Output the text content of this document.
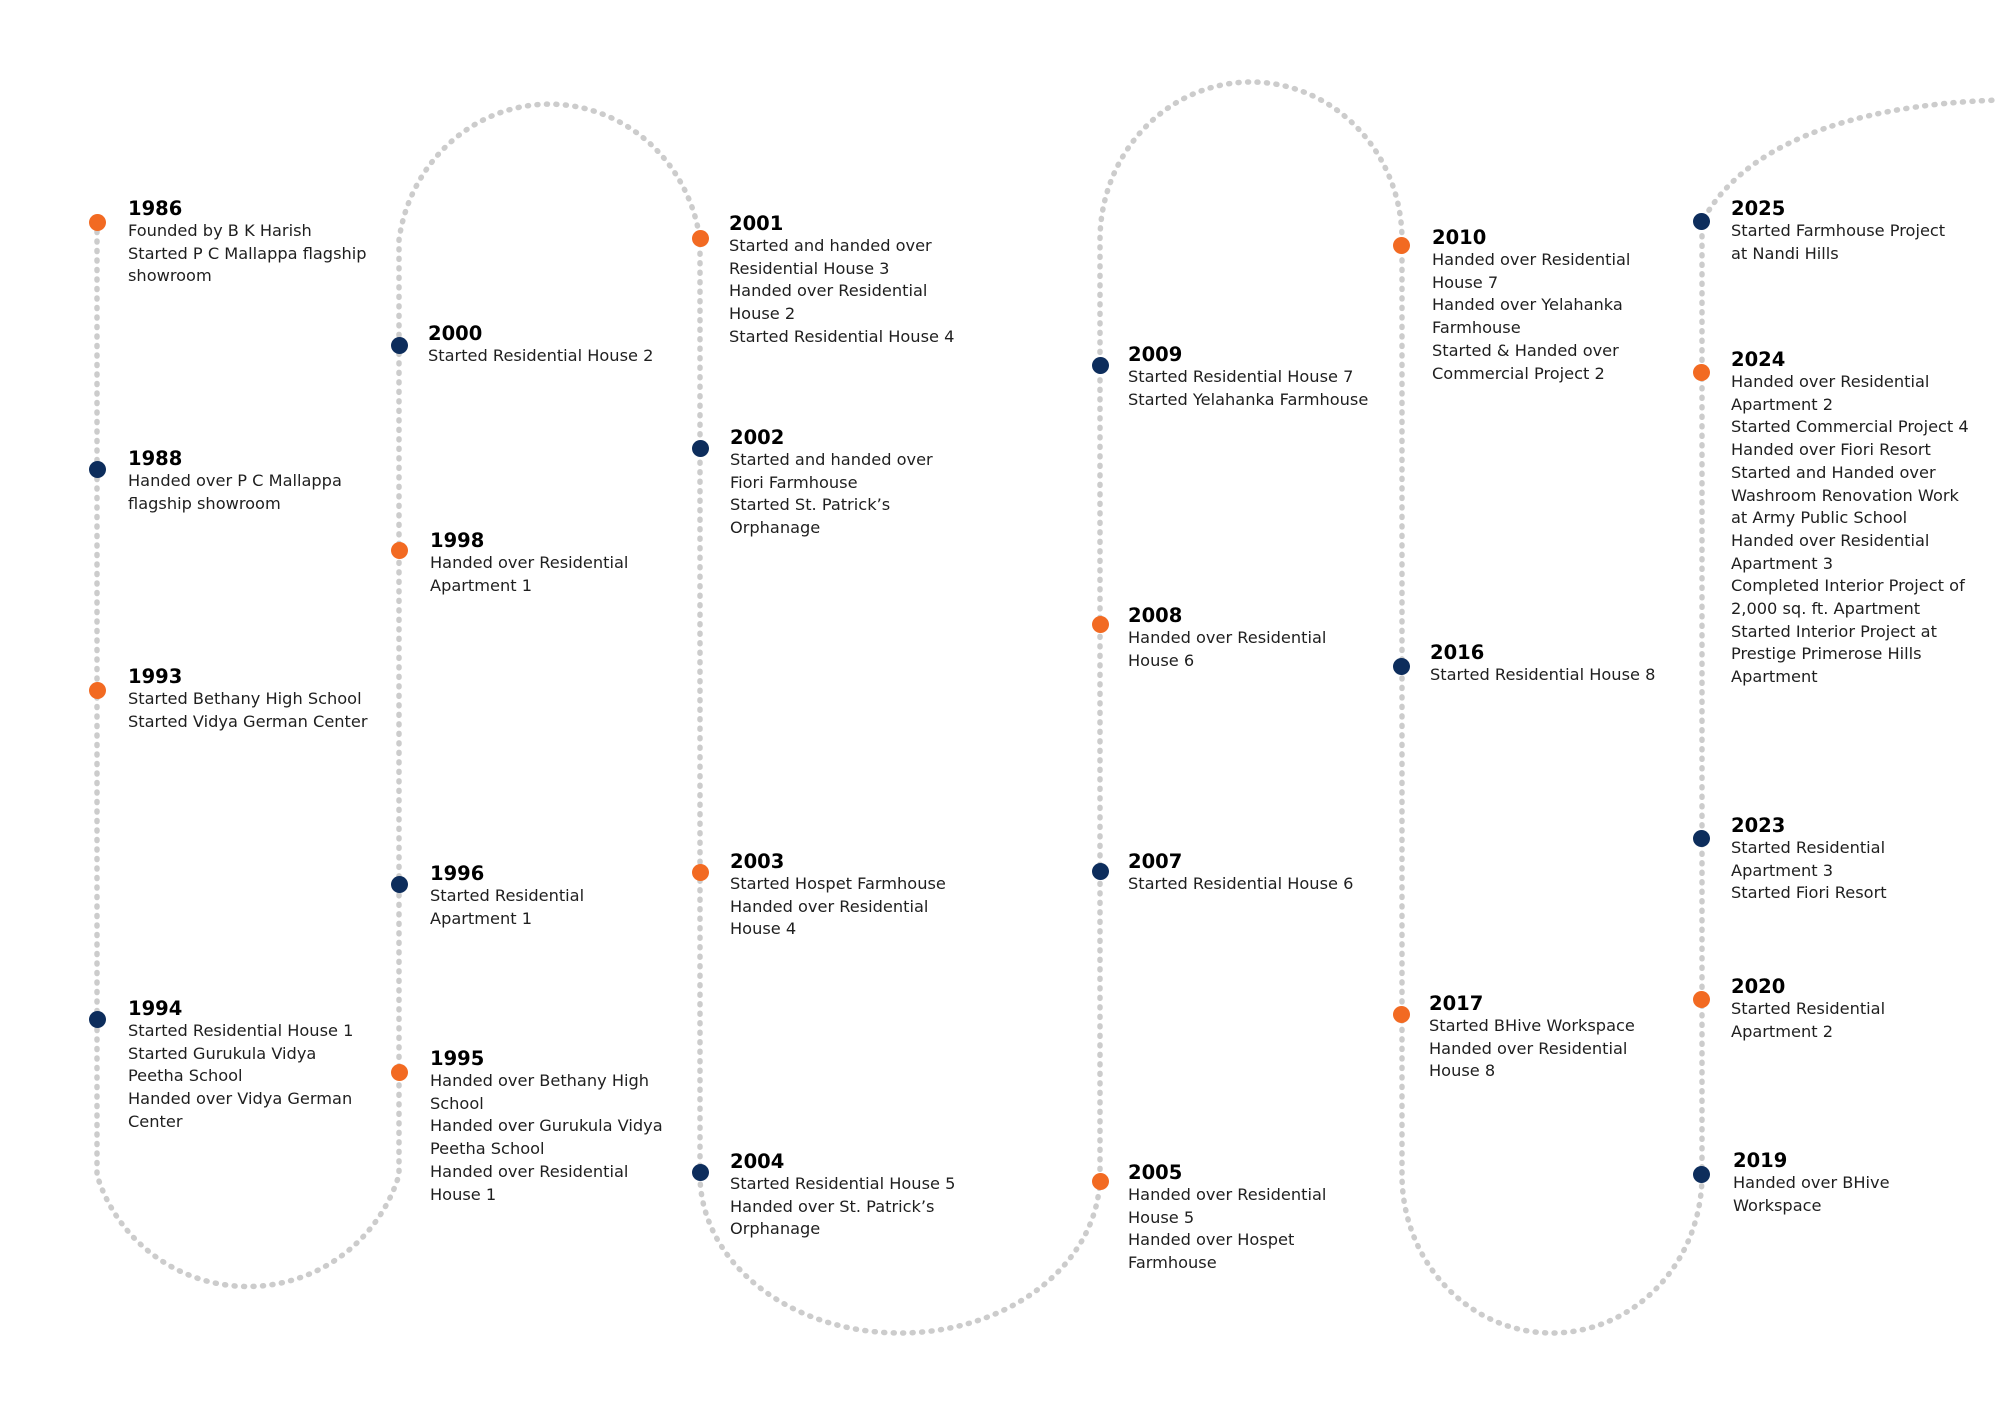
1986
Founded by B K Harish
Started P C Mallappa flagship
showroom
1988
Handed over P C Mallappa
flagship showroom
1993
Started Bethany High School
Started Vidya German Center
1994
Started Residential House 1
Started Gurukula Vidya
Peetha School
Handed over Vidya German
Center
2000
Started Residential House 2
1998
Handed over Residential
Apartment 1
1996
Started Residential
Apartment 1
1995
Handed over Bethany High
School
Handed over Gurukula Vidya
Peetha School
Handed over Residential
House 1
2001
Started and handed over
Residential House 3
Handed over Residential
House 2
Started Residential House 4
2002
Started and handed over
Fiori Farmhouse
Started St. Patrick’s
Orphanage
2003
Started Hospet Farmhouse
Handed over Residential
House 4
2004
Started Residential House 5
Handed over St. Patrick’s
Orphanage
2009
Started Residential House 7
Started Yelahanka Farmhouse
2008
Handed over Residential
House 6
2007
Started Residential House 6
2005
Handed over Residential
House 5
Handed over Hospet
Farmhouse
2010
Handed over Residential
House 7
Handed over Yelahanka
Farmhouse
Started & Handed over
Commercial Project 2
2016
Started Residential House 8
2017
Started BHive Workspace
Handed over Residential
House 8
2025
Started Farmhouse Project
at Nandi Hills
2024
Handed over Residential
Apartment 2
Started Commercial Project 4
Handed over Fiori Resort
Started and Handed over
Washroom Renovation Work
at Army Public School
Handed over Residential
Apartment 3
Completed Interior Project of
2,000 sq. ft. Apartment
Started Interior Project at
Prestige Primerose Hills
Apartment
2023
Started Residential
Apartment 3
Started Fiori Resort
2020
Started Residential
Apartment 2
2019
Handed over BHive
Workspace
